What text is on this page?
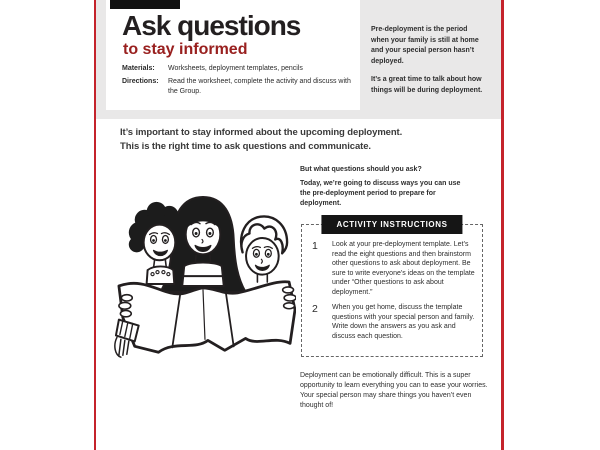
Ask questions
to stay informed
Materials:	Worksheets, deployment templates, pencils
Directions:	Read the worksheet, complete the activity and discuss with the Group.

Pre-deployment is the period when your family is still at home and your special person hasn’t deployed.

It’s a great time to talk about how things will be during deployment.

It’s important to stay informed about the upcoming deployment.
This is the right time to ask questions and communicate.
But what questions should you ask?
Today, we’re going to discuss ways you can use the pre-deployment period to prepare for deployment.
ACTIVITY INSTRUCTIONS
1	Look at your pre-deployment template. Let’s read the eight questions and then brainstorm other questions to ask about deployment. Be sure to write everyone’s ideas on the template under “Other questions to ask about deployment.”
2	When you get home, discuss the template questions with your special person and family. Write down the answers as you ask and discuss each question.
Deployment can be emotionally difficult. This is a super opportunity to learn everything you can to ease your worries. Your special person may share things you haven’t even thought of!
